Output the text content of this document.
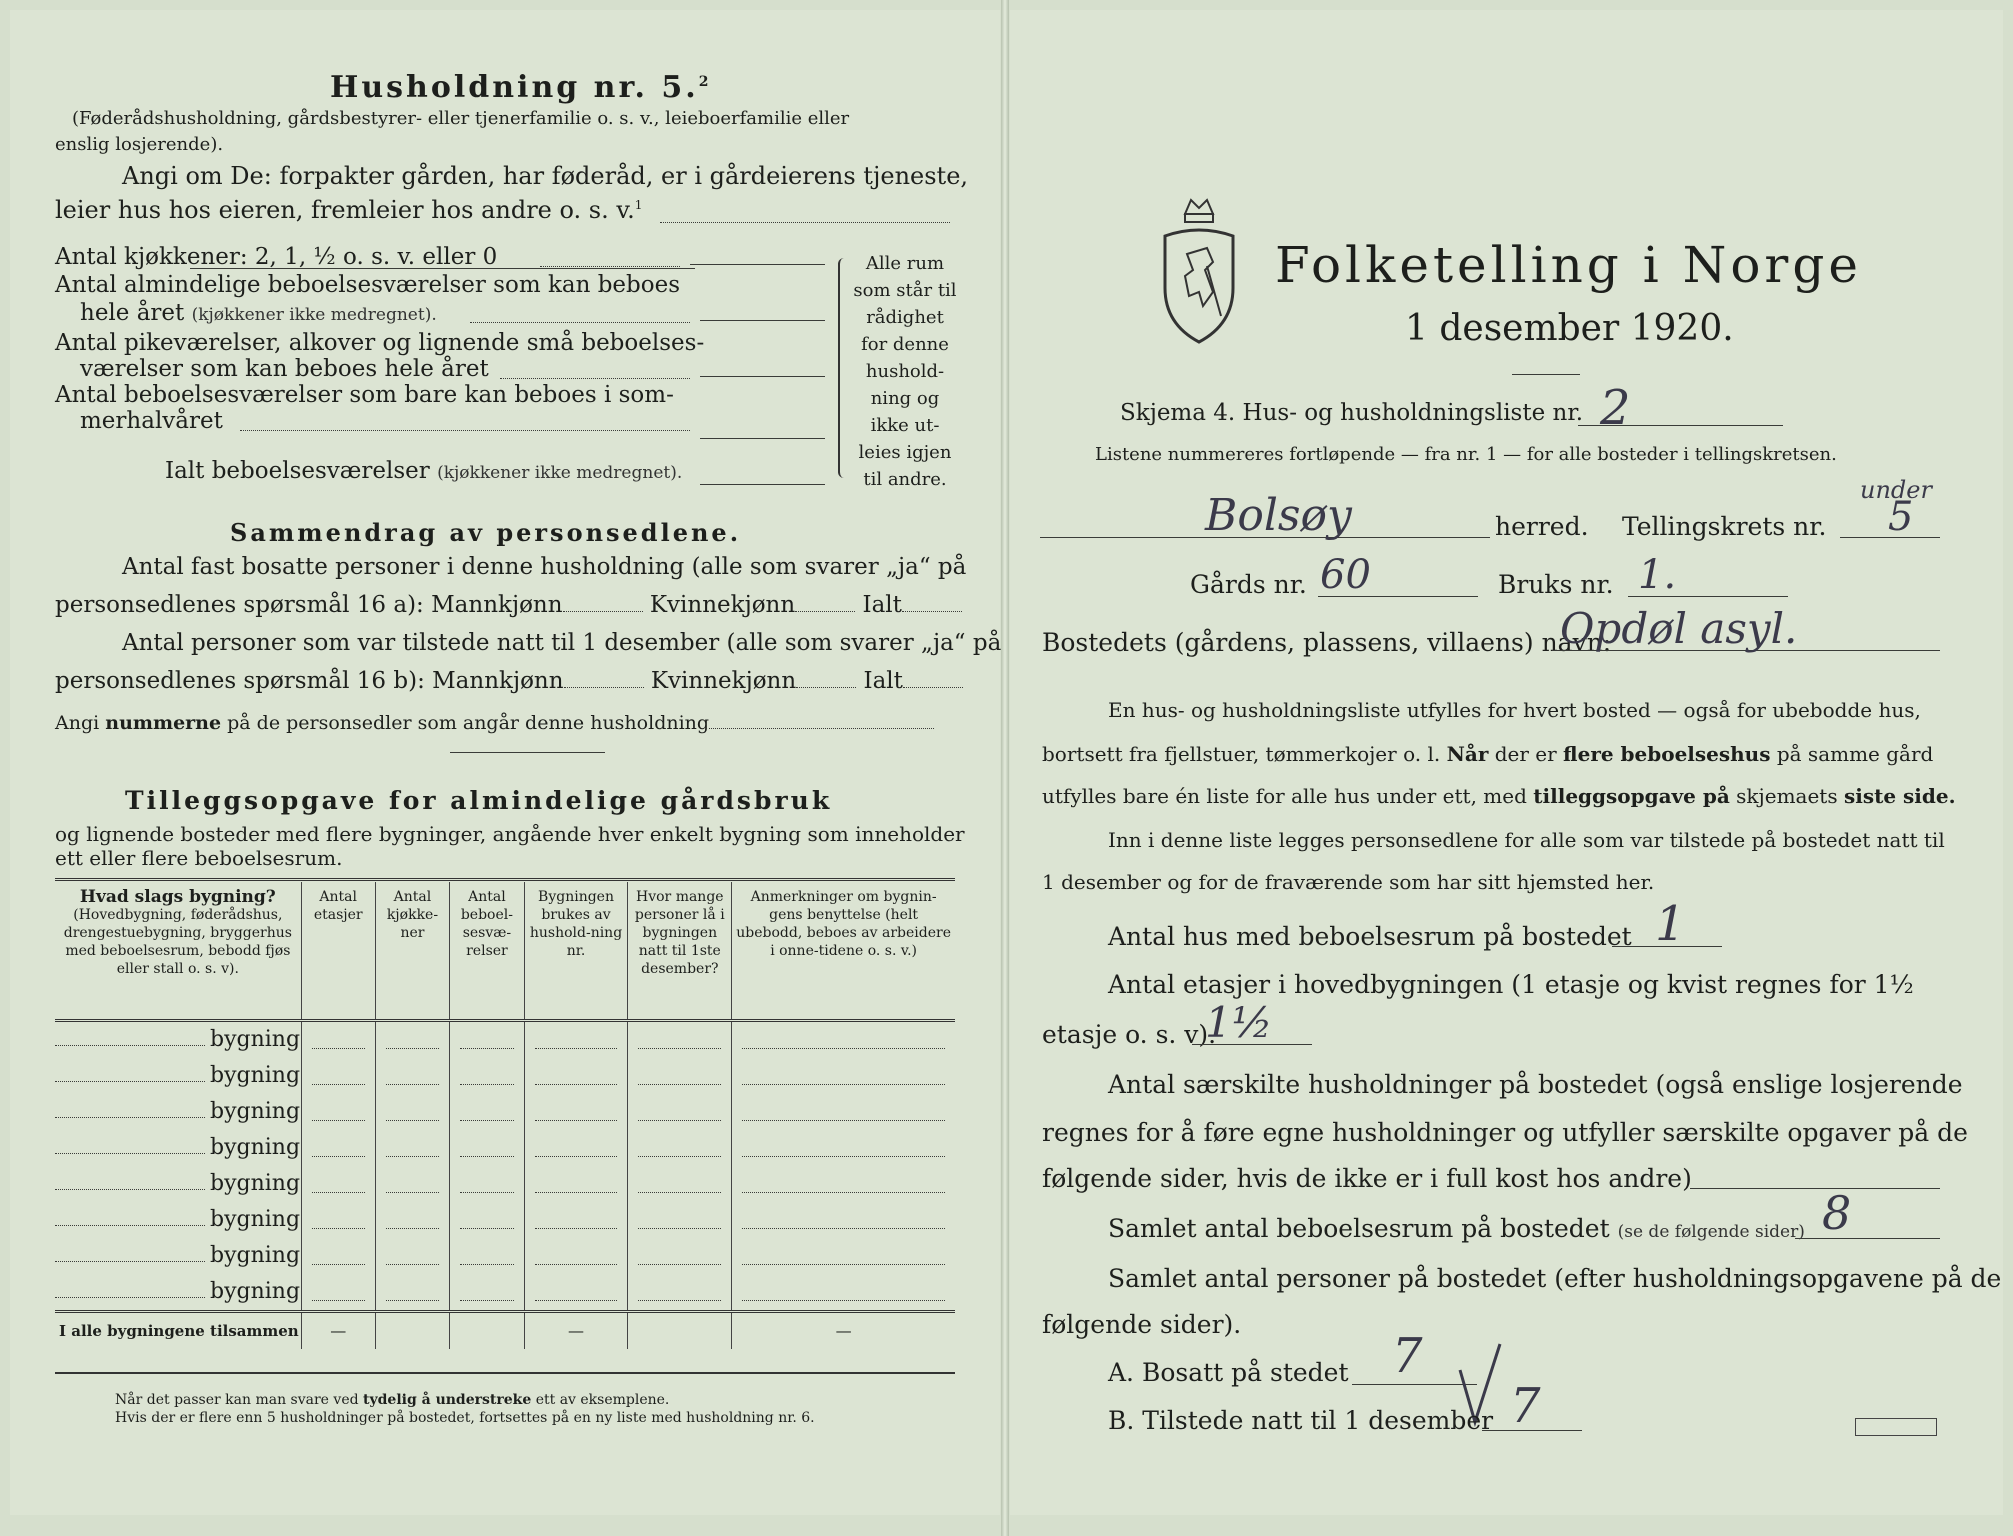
Husholdning nr. 5.$^2$
(Føderådshusholdning, gårdsbestyrer- eller tjenerfamilie o. s. v., leieboerfamilie eller
enslig losjerende).
Angi om De: forpakter gården, har føderåd, er i gårdeierens tjeneste,
leier hus hos eieren, fremleier hos andre o. s. v.$^1$
Antal kjøkkener: 2, 1, ½ o. s. v. eller 0
Antal almindelige beboelsesværelser som kan beboes
hele året (kjøkkener ikke medregnet).
Antal pikeværelser, alkover og lignende små beboelses-
værelser som kan beboes hele året
Antal beboelsesværelser som bare kan beboes i som-
merhalvåret
Ialt beboelsesværelser (kjøkkener ikke medregnet).
Alle rum
som står til
rådighet
for denne
hushold-
ning og
ikke ut-
leies igjen
til andre.
Sammendrag av personsedlene.
Antal fast bosatte personer i denne husholdning (alle som svarer „ja“ på
personsedlenes spørsmål 16 a): Mannkjønn	Kvinnekjønn	Ialt
Antal personer som var tilstede natt til 1 desember (alle som svarer „ja“ på
personsedlenes spørsmål 16 b): Mannkjønn	Kvinnekjønn	Ialt
Angi nummerne på de personsedler som angår denne husholdning
Tilleggsopgave for almindelige gårdsbruk
og lignende bosteder med flere bygninger, angående hver enkelt bygning som inneholder
ett eller flere beboelsesrum.
Hvad slags bygning?
(Hovedbygning, føderådshus, drengestuebygning, bryggerhus med beboelsesrum, bebodd fjøs eller stall o. s. v).	Antal etasjer	Antal kjøkke-ner	Antal beboel-sesvæ-relser	Bygningen brukes av hushold-ning nr.	Hvor mange personer lå i bygningen natt til 1ste desember?	Anmerkninger om bygnin-gens benyttelse (helt ubebodd, beboes av arbeidere i onne-tidene o. s. v.)

bygning	

bygning	

bygning	

bygning	

bygning	

bygning	

bygning	

bygning	

I alle bygningene tilsammen	—			—		—
Når det passer kan man svare ved tydelig å understreke ett av eksemplene.
Hvis der er flere enn 5 husholdninger på bostedet, fortsettes på en ny liste med husholdning nr. 6.
Folketelling i Norge
1 desember 1920.
Skjema 4. Hus- og husholdningsliste nr. 2
Listene nummereres fortløpende — fra nr. 1 — for alle bosteder i tellingskretsen.
Bolsøy	herred. Tellingskrets nr.
under
5
Gårds nr. 60	Bruks nr. 1.
Bostedets (gårdens, plassens, villaens) navn:
Opdøl asyl.
En hus- og husholdningsliste utfylles for hvert bosted — også for ubebodde hus,
bortsett fra fjellstuer, tømmerkojer o. l. Når der er flere beboelseshus på samme gård
utfylles bare én liste for alle hus under ett, med tilleggsopgave på skjemaets siste side.
Inn i denne liste legges personsedlene for alle som var tilstede på bostedet natt til
1 desember og for de fraværende som har sitt hjemsted her.
Antal hus med beboelsesrum på bostedet 1
Antal etasjer i hovedbygningen (1 etasje og kvist regnes for 1½
etasje o. s. v).
1½
Antal særskilte husholdninger på bostedet (også enslige losjerende
regnes for å føre egne husholdninger og utfyller særskilte opgaver på de
følgende sider, hvis de ikke er i full kost hos andre)
Samlet antal beboelsesrum på bostedet (se de følgende sider) 8
Samlet antal personer på bostedet (efter husholdningsopgavene på de
følgende sider).
A. Bosatt på stedet 7
B. Tilstede natt til 1 desember 7
